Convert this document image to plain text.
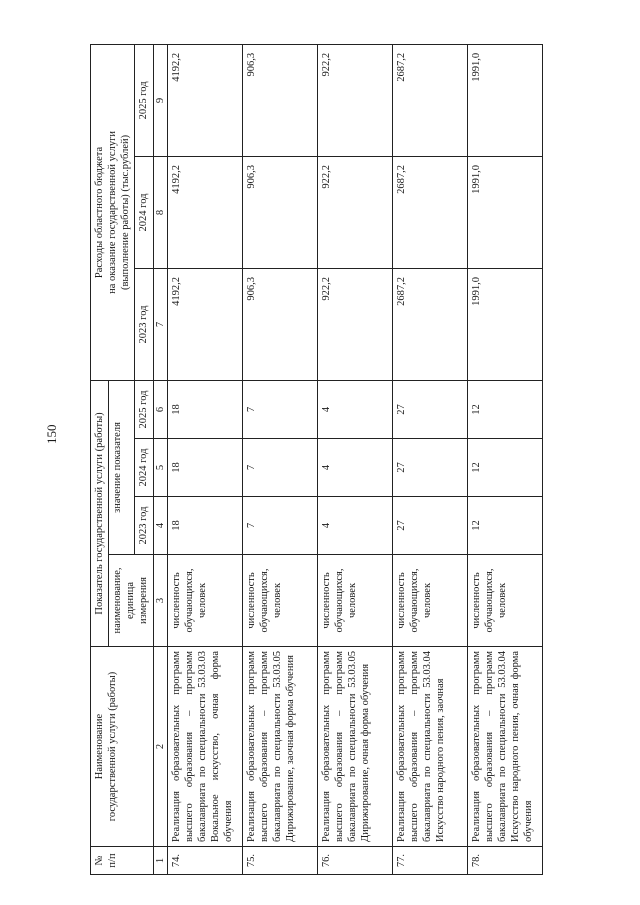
150
№
п/п	Наименование
государственной услуги (работы)	Показатель государственной услуги (работы)				Расходы областного бюджета
на оказание государственной услуги
(выполнение работы) (тыс.рублей)		
		наименование,
единица
измерения	значение показателя					
			2023 год	2024 год	2025 год	2023 год	2024 год	2025 год
1	2	3	4	5	6	7	8	9
74.	Реализация образовательных программ высшего образования – программ бакалавриата по специальности 53.03.03 Вокальное искусство, очная форма обучения	численность обучающихся, человек	18	18	18	4192,2	4192,2	4192,2
75.	Реализация образовательных программ высшего образования – программ бакалавриата по специальности 53.03.05 Дирижирование, заочная форма обучения	численность обучающихся, человек	7	7	7	906,3	906,3	906,3
76.	Реализация образовательных программ высшего образования – программ бакалавриата по специальности 53.03.05 Дирижирование, очная форма обучения	численность обучающихся, человек	4	4	4	922,2	922,2	922,2
77.	Реализация образовательных программ высшего образования – программ бакалавриата по специальности 53.03.04 Искусство народного пения, заочная	численность обучающихся, человек	27	27	27	2687,2	2687,2	2687,2
78.	Реализация образовательных программ высшего образования – программ бакалавриата по специальности 53.03.04 Искусство народного пения, очная форма обучения	численность обучающихся, человек	12	12	12	1991,0	1991,0	1991,0
